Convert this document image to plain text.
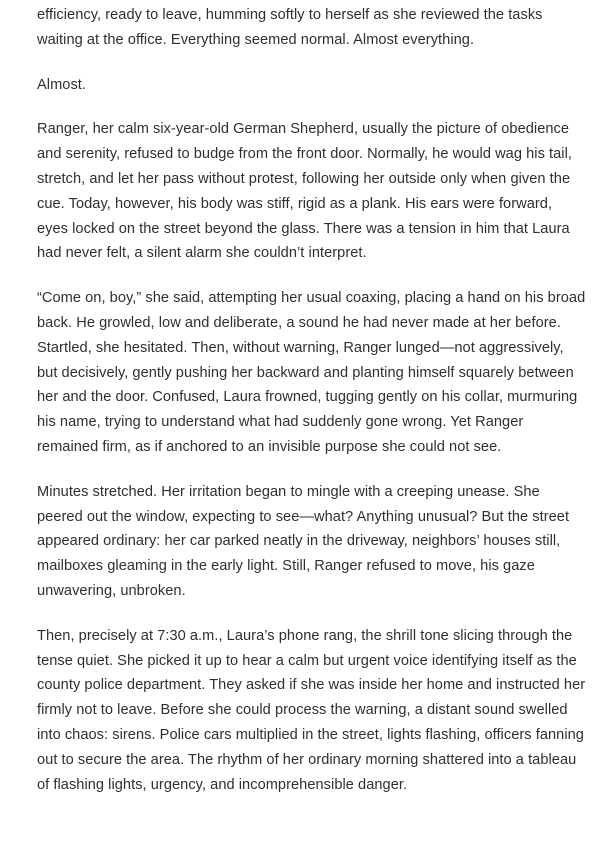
efficiency, ready to leave, humming softly to herself as she reviewed the tasks waiting at the office. Everything seemed normal. Almost everything.

Almost.

Ranger, her calm six-year-old German Shepherd, usually the picture of obedience and serenity, refused to budge from the front door. Normally, he would wag his tail, stretch, and let her pass without protest, following her outside only when given the cue. Today, however, his body was stiff, rigid as a plank. His ears were forward, eyes locked on the street beyond the glass. There was a tension in him that Laura had never felt, a silent alarm she couldn’t interpret.

“Come on, boy,” she said, attempting her usual coaxing, placing a hand on his broad back. He growled, low and deliberate, a sound he had never made at her before. Startled, she hesitated. Then, without warning, Ranger lunged—not aggressively, but decisively, gently pushing her backward and planting himself squarely between her and the door. Confused, Laura frowned, tugging gently on his collar, murmuring his name, trying to understand what had suddenly gone wrong. Yet Ranger remained firm, as if anchored to an invisible purpose she could not see.

Minutes stretched. Her irritation began to mingle with a creeping unease. She peered out the window, expecting to see—what? Anything unusual? But the street appeared ordinary: her car parked neatly in the driveway, neighbors’ houses still, mailboxes gleaming in the early light. Still, Ranger refused to move, his gaze unwavering, unbroken.

Then, precisely at 7:30 a.m., Laura’s phone rang, the shrill tone slicing through the tense quiet. She picked it up to hear a calm but urgent voice identifying itself as the county police department. They asked if she was inside her home and instructed her firmly not to leave. Before she could process the warning, a distant sound swelled into chaos: sirens. Police cars multiplied in the street, lights flashing, officers fanning out to secure the area. The rhythm of her ordinary morning shattered into a tableau of flashing lights, urgency, and incomprehensible danger.
